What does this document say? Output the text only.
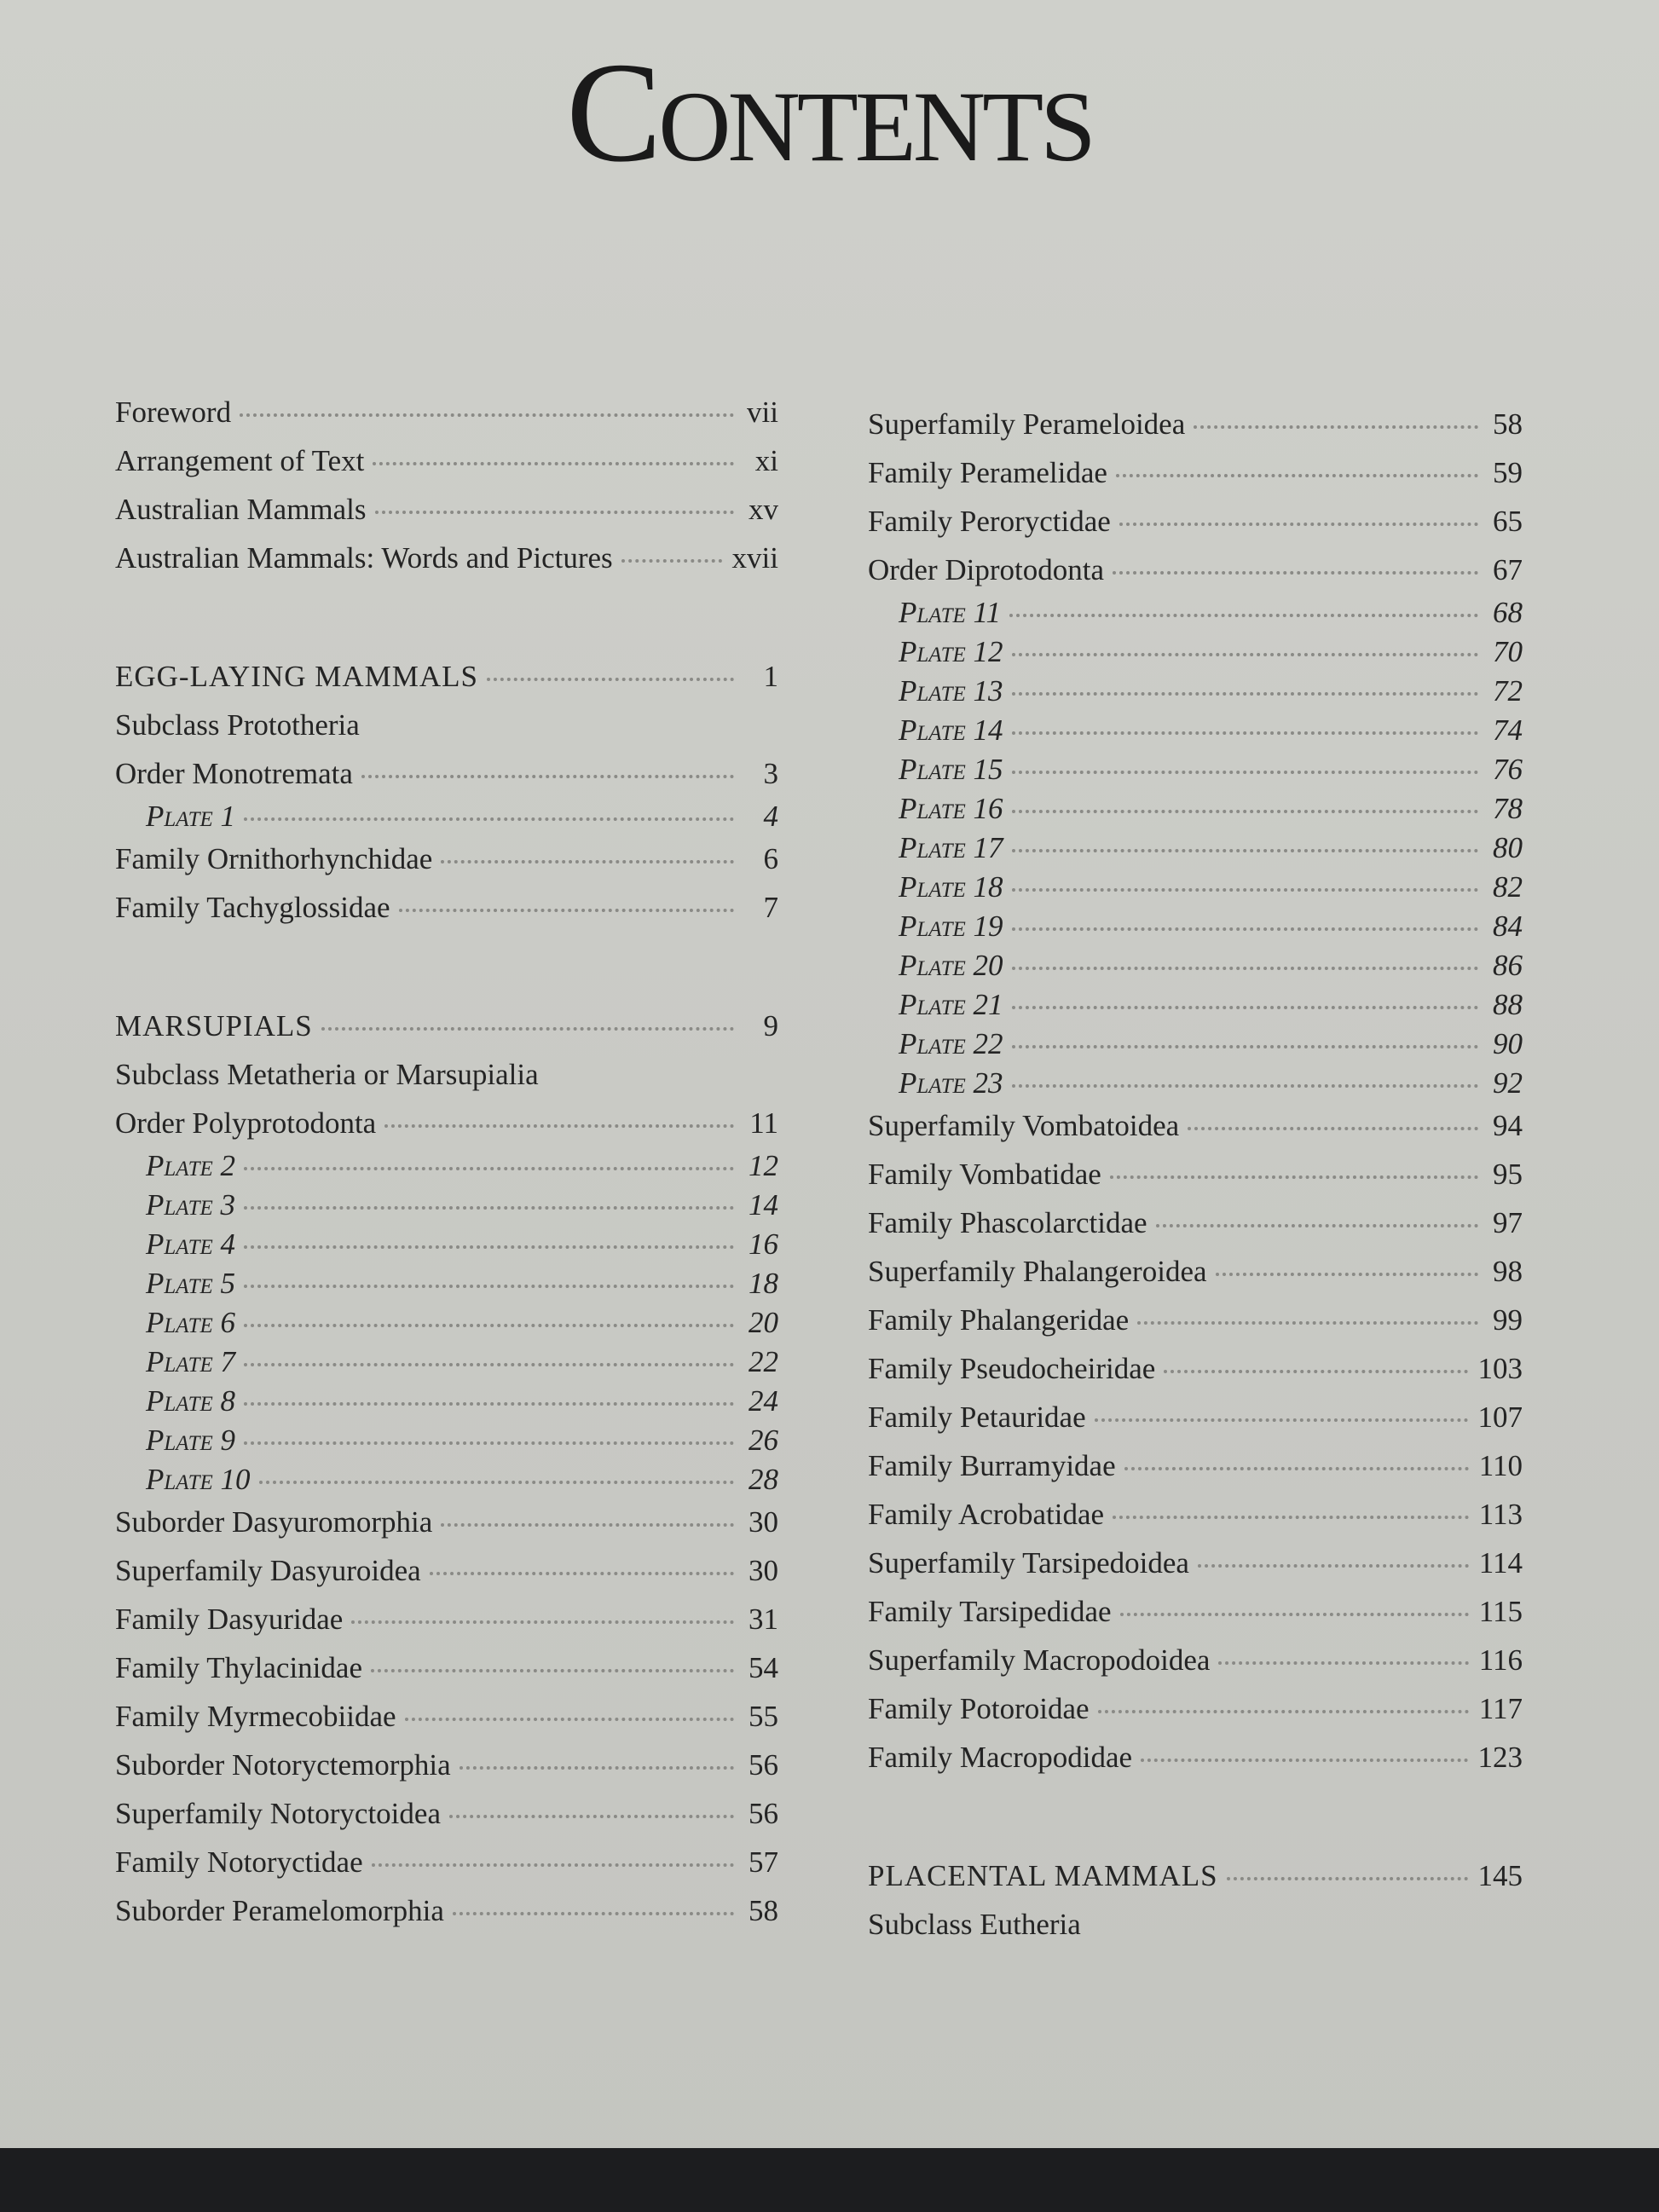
Contents
Foreword	vii
Arrangement of Text	xi
Australian Mammals	xv
Australian Mammals: Words and Pictures	xvii
EGG-LAYING MAMMALS	1
Subclass Prototheria
Order Monotremata	3
Plate 1	4
Family Ornithorhynchidae	6
Family Tachyglossidae	7
MARSUPIALS	9
Subclass Metatheria or Marsupialia
Order Polyprotodonta	11
Plate 2	12
Plate 3	14
Plate 4	16
Plate 5	18
Plate 6	20
Plate 7	22
Plate 8	24
Plate 9	26
Plate 10	28
Suborder Dasyuromorphia	30
Superfamily Dasyuroidea	30
Family Dasyuridae	31
Family Thylacinidae	54
Family Myrmecobiidae	55
Suborder Notoryctemorphia	56
Superfamily Notoryctoidea	56
Family Notoryctidae	57
Suborder Peramelomorphia	58
Superfamily Perameloidea	58
Family Peramelidae	59
Family Peroryctidae	65
Order Diprotodonta	67
Plate 11	68
Plate 12	70
Plate 13	72
Plate 14	74
Plate 15	76
Plate 16	78
Plate 17	80
Plate 18	82
Plate 19	84
Plate 20	86
Plate 21	88
Plate 22	90
Plate 23	92
Superfamily Vombatoidea	94
Family Vombatidae	95
Family Phascolarctidae	97
Superfamily Phalangeroidea	98
Family Phalangeridae	99
Family Pseudocheiridae	103
Family Petauridae	107
Family Burramyidae	110
Family Acrobatidae	113
Superfamily Tarsipedoidea	114
Family Tarsipedidae	115
Superfamily Macropodoidea	116
Family Potoroidae	117
Family Macropodidae	123
PLACENTAL MAMMALS	145
Subclass Eutheria
